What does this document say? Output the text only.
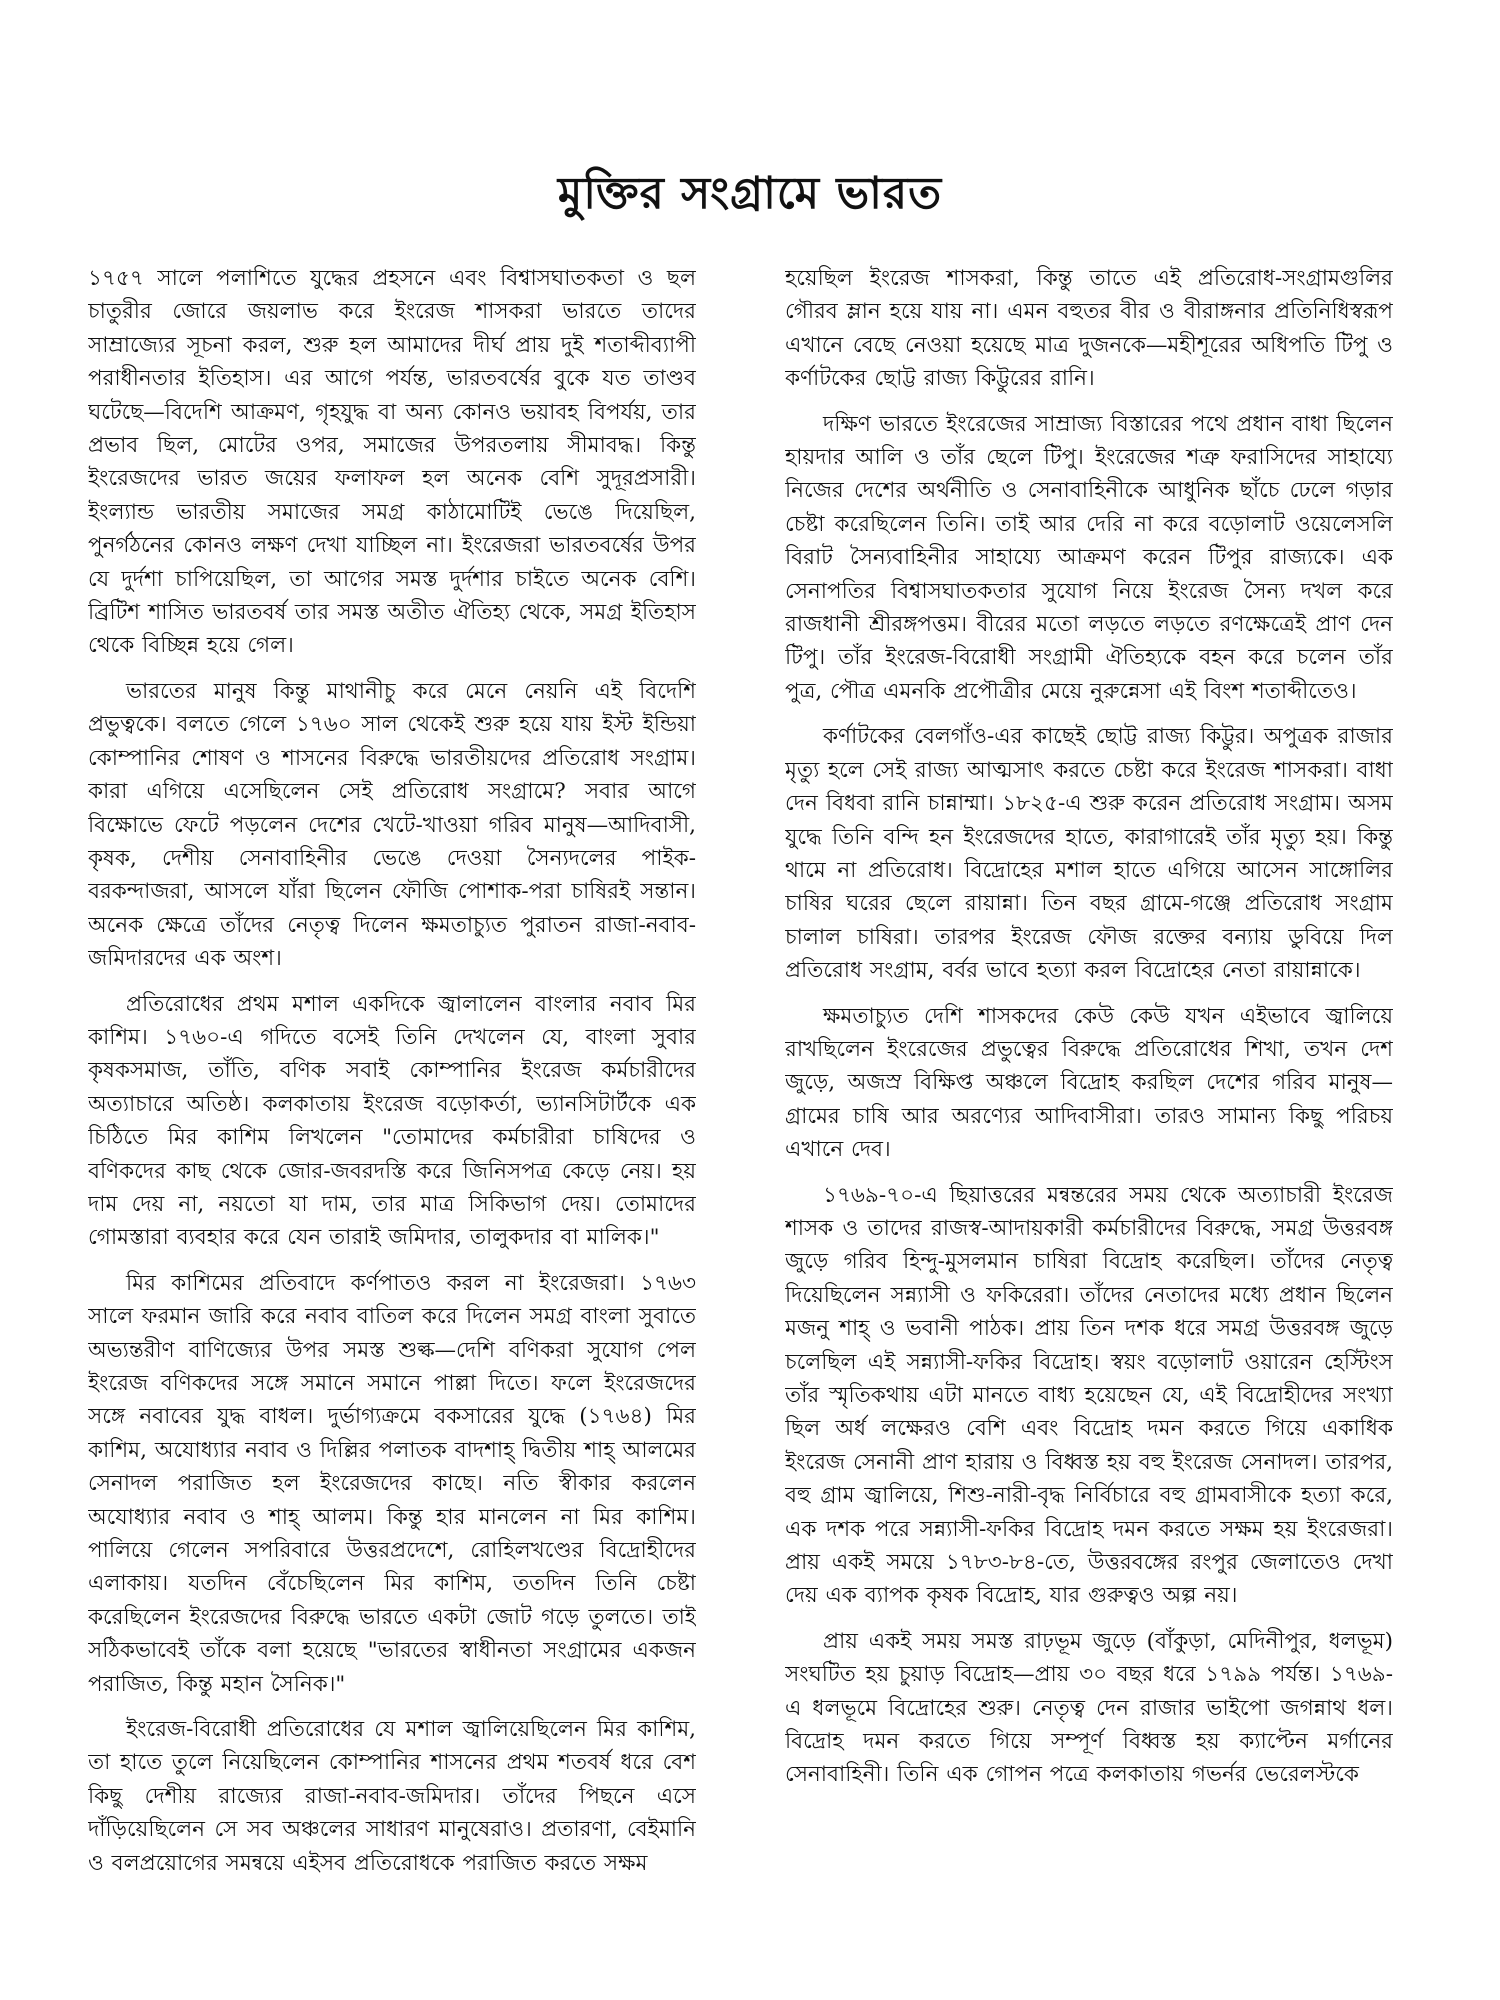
মুক্তির সংগ্রামে ভারত

১৭৫৭ সালে পলাশিতে যুদ্ধের প্রহসনে এবং বিশ্বাসঘাতকতা ও ছল চাতুরীর জোরে জয়লাভ করে ইংরেজ শাসকরা ভারতে তাদের সাম্রাজ্যের সূচনা করল, শুরু হল আমাদের দীর্ঘ প্রায় দুই শতাব্দীব্যাপী পরাধীনতার ইতিহাস। এর আগে পর্যন্ত, ভারতবর্ষের বুকে যত তাণ্ডব ঘটেছে—বিদেশি আক্রমণ, গৃহযুদ্ধ বা অন্য কোনও ভয়াবহ বিপর্যয়, তার প্রভাব ছিল, মোটের ওপর, সমাজের উপরতলায় সীমাবদ্ধ। কিন্তু ইংরেজদের ভারত জয়ের ফলাফল হল অনেক বেশি সুদূরপ্রসারী। ইংল্যান্ড ভারতীয় সমাজের সমগ্র কাঠামোটিই ভেঙে দিয়েছিল, পুনর্গঠনের কোনও লক্ষণ দেখা যাচ্ছিল না। ইংরেজরা ভারতবর্ষের উপর যে দুর্দশা চাপিয়েছিল, তা আগের সমস্ত দুর্দশার চাইতে অনেক বেশি। ব্রিটিশ শাসিত ভারতবর্ষ তার সমস্ত অতীত ঐতিহ্য থেকে, সমগ্র ইতিহাস থেকে বিচ্ছিন্ন হয়ে গেল।

ভারতের মানুষ কিন্তু মাথানীচু করে মেনে নেয়নি এই বিদেশি প্রভুত্বকে। বলতে গেলে ১৭৬০ সাল থেকেই শুরু হয়ে যায় ইস্ট ইন্ডিয়া কোম্পানির শোষণ ও শাসনের বিরুদ্ধে ভারতীয়দের প্রতিরোধ সংগ্রাম। কারা এগিয়ে এসেছিলেন সেই প্রতিরোধ সংগ্রামে? সবার আগে বিক্ষোভে ফেটে পড়লেন দেশের খেটে-খাওয়া গরিব মানুষ—আদিবাসী, কৃষক, দেশীয় সেনাবাহিনীর ভেঙে দেওয়া সৈন্যদলের পাইক-বরকন্দাজরা, আসলে যাঁরা ছিলেন ফৌজি পোশাক-পরা চাষিরই সন্তান। অনেক ক্ষেত্রে তাঁদের নেতৃত্ব দিলেন ক্ষমতাচ্যুত পুরাতন রাজা-নবাব-জমিদারদের এক অংশ।

প্রতিরোধের প্রথম মশাল একদিকে জ্বালালেন বাংলার নবাব মির কাশিম। ১৭৬০-এ গদিতে বসেই তিনি দেখলেন যে, বাংলা সুবার কৃষকসমাজ, তাঁতি, বণিক সবাই কোম্পানির ইংরেজ কর্মচারীদের অত্যাচারে অতিষ্ঠ। কলকাতায় ইংরেজ বড়োকর্তা, ভ্যানসিটার্টকে এক চিঠিতে মির কাশিম লিখলেন "তোমাদের কর্মচারীরা চাষিদের ও বণিকদের কাছ থেকে জোর-জবরদস্তি করে জিনিসপত্র কেড়ে নেয়। হয় দাম দেয় না, নয়তো যা দাম, তার মাত্র সিকিভাগ দেয়। তোমাদের গোমস্তারা ব্যবহার করে যেন তারাই জমিদার, তালুকদার বা মালিক।"

মির কাশিমের প্রতিবাদে কর্ণপাতও করল না ইংরেজরা। ১৭৬৩ সালে ফরমান জারি করে নবাব বাতিল করে দিলেন সমগ্র বাংলা সুবাতে অভ্যন্তরীণ বাণিজ্যের উপর সমস্ত শুল্ক—দেশি বণিকরা সুযোগ পেল ইংরেজ বণিকদের সঙ্গে সমানে সমানে পাল্লা দিতে। ফলে ইংরেজদের সঙ্গে নবাবের যুদ্ধ বাধল। দুর্ভাগ্যক্রমে বকসারের যুদ্ধে (১৭৬৪) মির কাশিম, অযোধ্যার নবাব ও দিল্লির পলাতক বাদশাহ্ দ্বিতীয় শাহ্ আলমের সেনাদল পরাজিত হল ইংরেজদের কাছে। নতি স্বীকার করলেন অযোধ্যার নবাব ও শাহ্ আলম। কিন্তু হার মানলেন না মির কাশিম। পালিয়ে গেলেন সপরিবারে উত্তরপ্রদেশে, রোহিলখণ্ডের বিদ্রোহীদের এলাকায়। যতদিন বেঁচেছিলেন মির কাশিম, ততদিন তিনি চেষ্টা করেছিলেন ইংরেজদের বিরুদ্ধে ভারতে একটা জোট গড়ে তুলতে। তাই সঠিকভাবেই তাঁকে বলা হয়েছে "ভারতের স্বাধীনতা সংগ্রামের একজন পরাজিত, কিন্তু মহান সৈনিক।"

ইংরেজ-বিরোধী প্রতিরোধের যে মশাল জ্বালিয়েছিলেন মির কাশিম, তা হাতে তুলে নিয়েছিলেন কোম্পানির শাসনের প্রথম শতবর্ষ ধরে বেশ কিছু দেশীয় রাজ্যের রাজা-নবাব-জমিদার। তাঁদের পিছনে এসে দাঁড়িয়েছিলেন সে সব অঞ্চলের সাধারণ মানুষেরাও। প্রতারণা, বেইমানি ও বলপ্রয়োগের সমন্বয়ে এইসব প্রতিরোধকে পরাজিত করতে সক্ষম

হয়েছিল ইংরেজ শাসকরা, কিন্তু তাতে এই প্রতিরোধ-সংগ্রামগুলির গৌরব ম্লান হয়ে যায় না। এমন বহুতর বীর ও বীরাঙ্গনার প্রতিনিধিস্বরূপ এখানে বেছে নেওয়া হয়েছে মাত্র দুজনকে—মহীশূরের অধিপতি টিপু ও কর্ণাটকের ছোট্ট রাজ্য কিট্টুরের রানি।

দক্ষিণ ভারতে ইংরেজের সাম্রাজ্য বিস্তারের পথে প্রধান বাধা ছিলেন হায়দার আলি ও তাঁর ছেলে টিপু। ইংরেজের শত্রু ফরাসিদের সাহায্যে নিজের দেশের অর্থনীতি ও সেনাবাহিনীকে আধুনিক ছাঁচে ঢেলে গড়ার চেষ্টা করেছিলেন তিনি। তাই আর দেরি না করে বড়োলাট ওয়েলেসলি বিরাট সৈন্যবাহিনীর সাহায্যে আক্রমণ করেন টিপুর রাজ্যকে। এক সেনাপতির বিশ্বাসঘাতকতার সুযোগ নিয়ে ইংরেজ সৈন্য দখল করে রাজধানী শ্রীরঙ্গপত্তম। বীরের মতো লড়তে লড়তে রণক্ষেত্রেই প্রাণ দেন টিপু। তাঁর ইংরেজ-বিরোধী সংগ্রামী ঐতিহ্যকে বহন করে চলেন তাঁর পুত্র, পৌত্র এমনকি প্রপৌত্রীর মেয়ে নুরুন্নেসা এই বিংশ শতাব্দীতেও।

কর্ণাটকের বেলগাঁও-এর কাছেই ছোট্ট রাজ্য কিট্টুর। অপুত্রক রাজার মৃত্যু হলে সেই রাজ্য আত্মসাৎ করতে চেষ্টা করে ইংরেজ শাসকরা। বাধা দেন বিধবা রানি চান্নাম্মা। ১৮২৫-এ শুরু করেন প্রতিরোধ সংগ্রাম। অসম যুদ্ধে তিনি বন্দি হন ইংরেজদের হাতে, কারাগারেই তাঁর মৃত্যু হয়। কিন্তু থামে না প্রতিরোধ। বিদ্রোহের মশাল হাতে এগিয়ে আসেন সাঙ্গোলির চাষির ঘরের ছেলে রায়ান্না। তিন বছর গ্রামে-গঞ্জে প্রতিরোধ সংগ্রাম চালাল চাষিরা। তারপর ইংরেজ ফৌজ রক্তের বন্যায় ডুবিয়ে দিল প্রতিরোধ সংগ্রাম, বর্বর ভাবে হত্যা করল বিদ্রোহের নেতা রায়ান্নাকে।

ক্ষমতাচ্যুত দেশি শাসকদের কেউ কেউ যখন এইভাবে জ্বালিয়ে রাখছিলেন ইংরেজের প্রভুত্বের বিরুদ্ধে প্রতিরোধের শিখা, তখন দেশ জুড়ে, অজস্র বিক্ষিপ্ত অঞ্চলে বিদ্রোহ করছিল দেশের গরিব মানুষ—গ্রামের চাষি আর অরণ্যের আদিবাসীরা। তারও সামান্য কিছু পরিচয় এখানে দেব।

১৭৬৯-৭০-এ ছিয়াত্তরের মন্বন্তরের সময় থেকে অত্যাচারী ইংরেজ শাসক ও তাদের রাজস্ব-আদায়কারী কর্মচারীদের বিরুদ্ধে, সমগ্র উত্তরবঙ্গ জুড়ে গরিব হিন্দু-মুসলমান চাষিরা বিদ্রোহ করেছিল। তাঁদের নেতৃত্ব দিয়েছিলেন সন্ন্যাসী ও ফকিরেরা। তাঁদের নেতাদের মধ্যে প্রধান ছিলেন মজনু শাহ্ ও ভবানী পাঠক। প্রায় তিন দশক ধরে সমগ্র উত্তরবঙ্গ জুড়ে চলেছিল এই সন্ন্যাসী-ফকির বিদ্রোহ। স্বয়ং বড়োলাট ওয়ারেন হেস্টিংস তাঁর স্মৃতিকথায় এটা মানতে বাধ্য হয়েছেন যে, এই বিদ্রোহীদের সংখ্যা ছিল অর্ধ লক্ষেরও বেশি এবং বিদ্রোহ দমন করতে গিয়ে একাধিক ইংরেজ সেনানী প্রাণ হারায় ও বিধ্বস্ত হয় বহু ইংরেজ সেনাদল। তারপর, বহু গ্রাম জ্বালিয়ে, শিশু-নারী-বৃদ্ধ নির্বিচারে বহু গ্রামবাসীকে হত্যা করে, এক দশক পরে সন্ন্যাসী-ফকির বিদ্রোহ দমন করতে সক্ষম হয় ইংরেজরা। প্রায় একই সময়ে ১৭৮৩-৮৪-তে, উত্তরবঙ্গের রংপুর জেলাতেও দেখা দেয় এক ব্যাপক কৃষক বিদ্রোহ, যার গুরুত্বও অল্প নয়।

প্রায় একই সময় সমস্ত রাঢ়ভূম জুড়ে (বাঁকুড়া, মেদিনীপুর, ধলভূম) সংঘটিত হয় চুয়াড় বিদ্রোহ—প্রায় ৩০ বছর ধরে ১৭৯৯ পর্যন্ত। ১৭৬৯-এ ধলভূমে বিদ্রোহের শুরু। নেতৃত্ব দেন রাজার ভাইপো জগন্নাথ ধল। বিদ্রোহ দমন করতে গিয়ে সম্পূর্ণ বিধ্বস্ত হয় ক্যাপ্টেন মর্গানের সেনাবাহিনী। তিনি এক গোপন পত্রে কলকাতায় গভর্নর ভেরেলস্টকে
